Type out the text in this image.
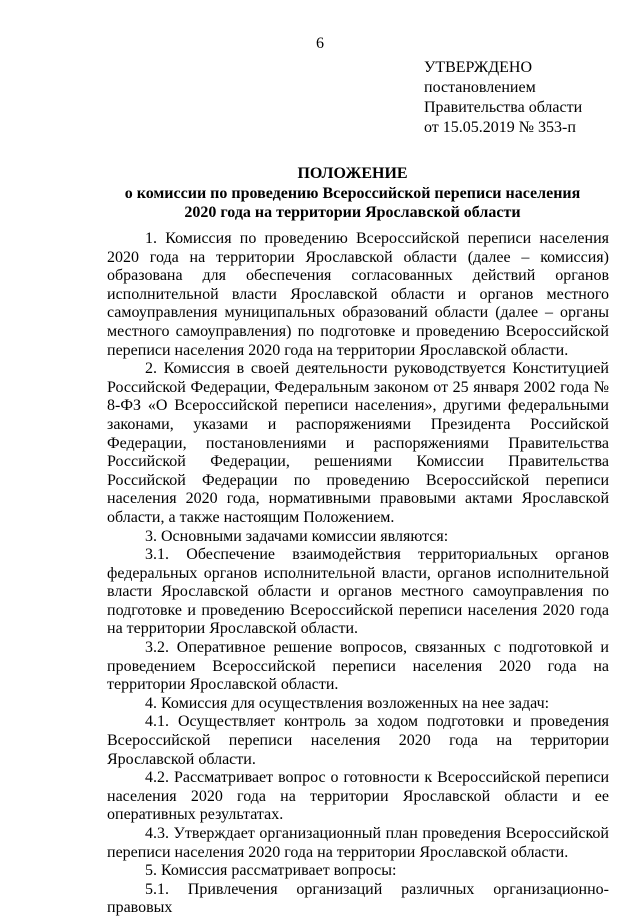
6
УТВЕРЖДЕНО
постановлением
Правительства области
от 15.05.2019 № 353-п
ПОЛОЖЕНИЕ
о комиссии по проведению Всероссийской переписи населения
2020 года на территории Ярославской области

1. Комиссия по проведению Всероссийской переписи населения 2020 года на территории Ярославской области (далее – комиссия) образована для обеспечения согласованных действий органов исполнительной власти Ярославской области и органов местного самоуправления муниципальных образований области (далее – органы местного самоуправления) по подготовке и проведению Всероссийской переписи населения 2020 года на территории Ярославской области.

2. Комиссия в своей деятельности руководствуется Конституцией Российской Федерации, Федеральным законом от 25 января 2002 года № 8-ФЗ «О Всероссийской переписи населения», другими федеральными законами, указами и распоряжениями Президента Российской Федерации, постановлениями и распоряжениями Правительства Российской Федерации, решениями Комиссии Правительства Российской Федерации по проведению Всероссийской переписи населения 2020 года, нормативными правовыми актами Ярославской области, а также настоящим Положением.

3. Основными задачами комиссии являются:

3.1. Обеспечение взаимодействия территориальных органов федеральных органов исполнительной власти, органов исполнительной власти Ярославской области и органов местного самоуправления по подготовке и проведению Всероссийской переписи населения 2020 года на территории Ярославской области.

3.2. Оперативное решение вопросов, связанных с подготовкой и проведением Всероссийской переписи населения 2020 года на территории Ярославской области.

4. Комиссия для осуществления возложенных на нее задач:

4.1. Осуществляет контроль за ходом подготовки и проведения Всероссийской переписи населения 2020 года на территории Ярославской области.

4.2. Рассматривает вопрос о готовности к Всероссийской переписи населения 2020 года на территории Ярославской области и ее оперативных результатах.

4.3. Утверждает организационный план проведения Всероссийской переписи населения 2020 года на территории Ярославской области.

5. Комиссия рассматривает вопросы:

5.1. Привлечения организаций различных организационно-правовых
